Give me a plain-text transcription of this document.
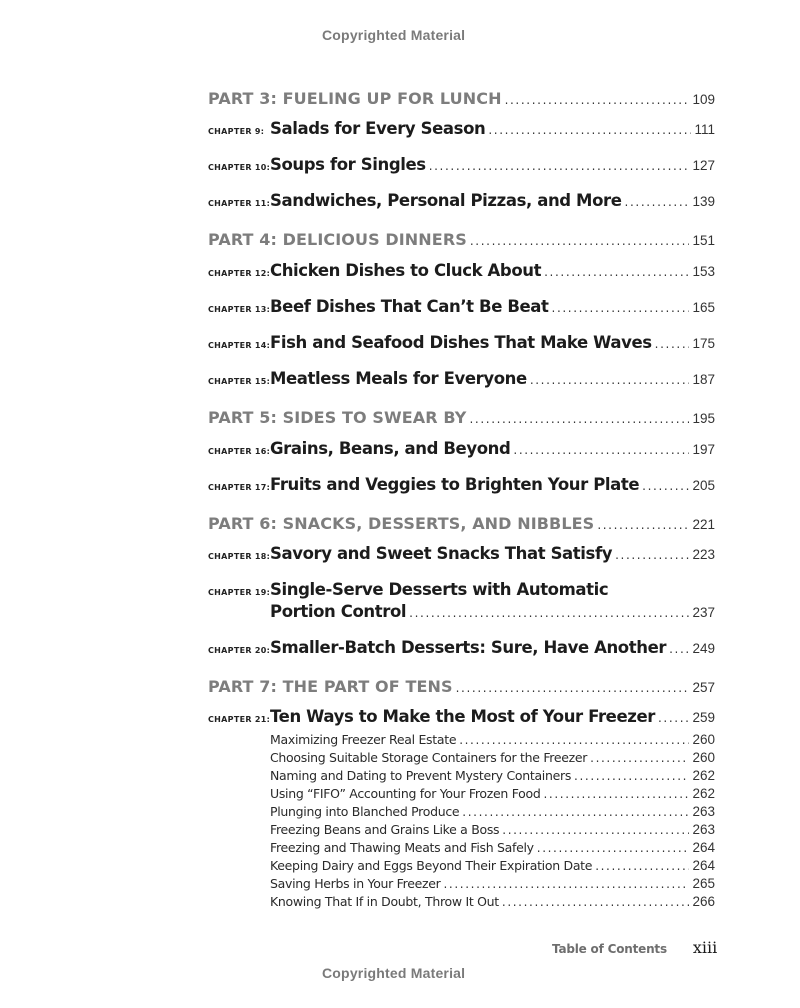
Copyrighted Material
PART 3: FUELING UP FOR LUNCH . . .	109
CHAPTER 9: Salads for Every Season . . .	111
CHAPTER 10: Soups for Singles . . .	127
CHAPTER 11: Sandwiches, Personal Pizzas, and More . . .	139
PART 4: DELICIOUS DINNERS . . .	151
CHAPTER 12: Chicken Dishes to Cluck About . . .	153
CHAPTER 13: Beef Dishes That Can’t Be Beat . . .	165
CHAPTER 14: Fish and Seafood Dishes That Make Waves . . .	175
CHAPTER 15: Meatless Meals for Everyone . . .	187
PART 5: SIDES TO SWEAR BY . . .	195
CHAPTER 16: Grains, Beans, and Beyond . . .	197
CHAPTER 17: Fruits and Veggies to Brighten Your Plate . . .	205
PART 6: SNACKS, DESSERTS, AND NIBBLES . . .	221
CHAPTER 18: Savory and Sweet Snacks That Satisfy . . .	223
CHAPTER 19: Single-Serve Desserts with Automatic
Portion Control . . .	237
CHAPTER 20: Smaller-Batch Desserts: Sure, Have Another . . . 249
PART 7: THE PART OF TENS . . .	257
CHAPTER 21: Ten Ways to Make the Most of Your Freezer . . .	259
Maximizing Freezer Real Estate . . .	260
Choosing Suitable Storage Containers for the Freezer . . .	260
Naming and Dating to Prevent Mystery Containers . . .	262
Using “FIFO” Accounting for Your Frozen Food . . .	262
Plunging into Blanched Produce . . .	263
Freezing Beans and Grains Like a Boss . . .	263
Freezing and Thawing Meats and Fish Safely . . .	264
Keeping Dairy and Eggs Beyond Their Expiration Date . . .	264
Saving Herbs in Your Freezer . . .	265
Knowing That If in Doubt, Throw It Out . . .	266
Table of Contents xiii
Copyrighted Material
